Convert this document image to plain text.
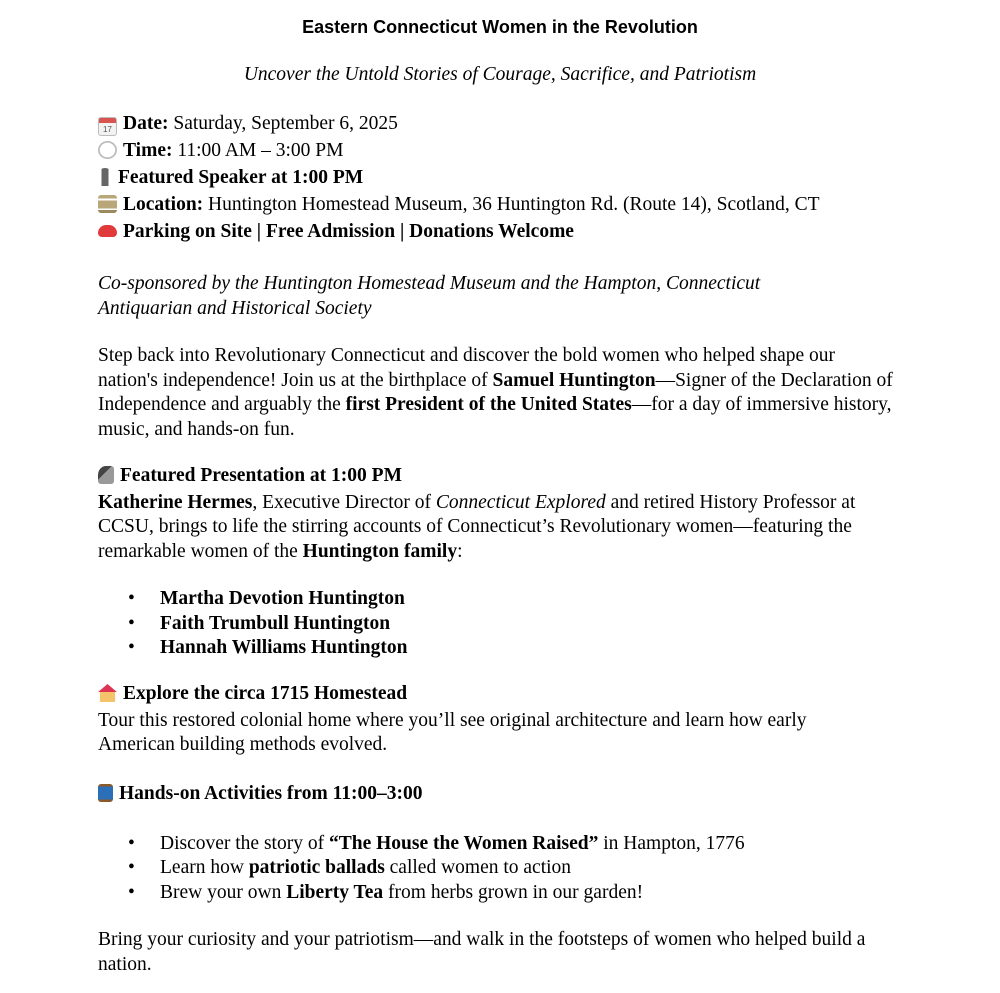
Eastern Connecticut Women in the Revolution
Uncover the Untold Stories of Courage, Sacrifice, and Patriotism
17 Date: Saturday, September 6, 2025
Time: 11:00 AM – 3:00 PM
Featured Speaker at 1:00 PM
Location: Huntington Homestead Museum, 36 Huntington Rd. (Route 14), Scotland, CT
Parking on Site | Free Admission | Donations Welcome
Co-sponsored by the Huntington Homestead Museum and the Hampton, Connecticut Antiquarian and Historical Society
Step back into Revolutionary Connecticut and discover the bold women who helped shape our nation's independence! Join us at the birthplace of Samuel Huntington—Signer of the Declaration of Independence and arguably the first President of the United States—for a day of immersive history, music, and hands-on fun.
Featured Presentation at 1:00 PM
Katherine Hermes, Executive Director of Connecticut Explored and retired History Professor at CCSU, brings to life the stirring accounts of Connecticut’s Revolutionary women—featuring the remarkable women of the Huntington family:
• Martha Devotion Huntington
• Faith Trumbull Huntington
• Hannah Williams Huntington
Explore the circa 1715 Homestead
Tour this restored colonial home where you’ll see original architecture and learn how early American building methods evolved.
Hands-on Activities from 11:00–3:00
• Discover the story of “The House the Women Raised” in Hampton, 1776
• Learn how patriotic ballads called women to action
• Brew your own Liberty Tea from herbs grown in our garden!
Bring your curiosity and your patriotism—and walk in the footsteps of women who helped build a nation.
